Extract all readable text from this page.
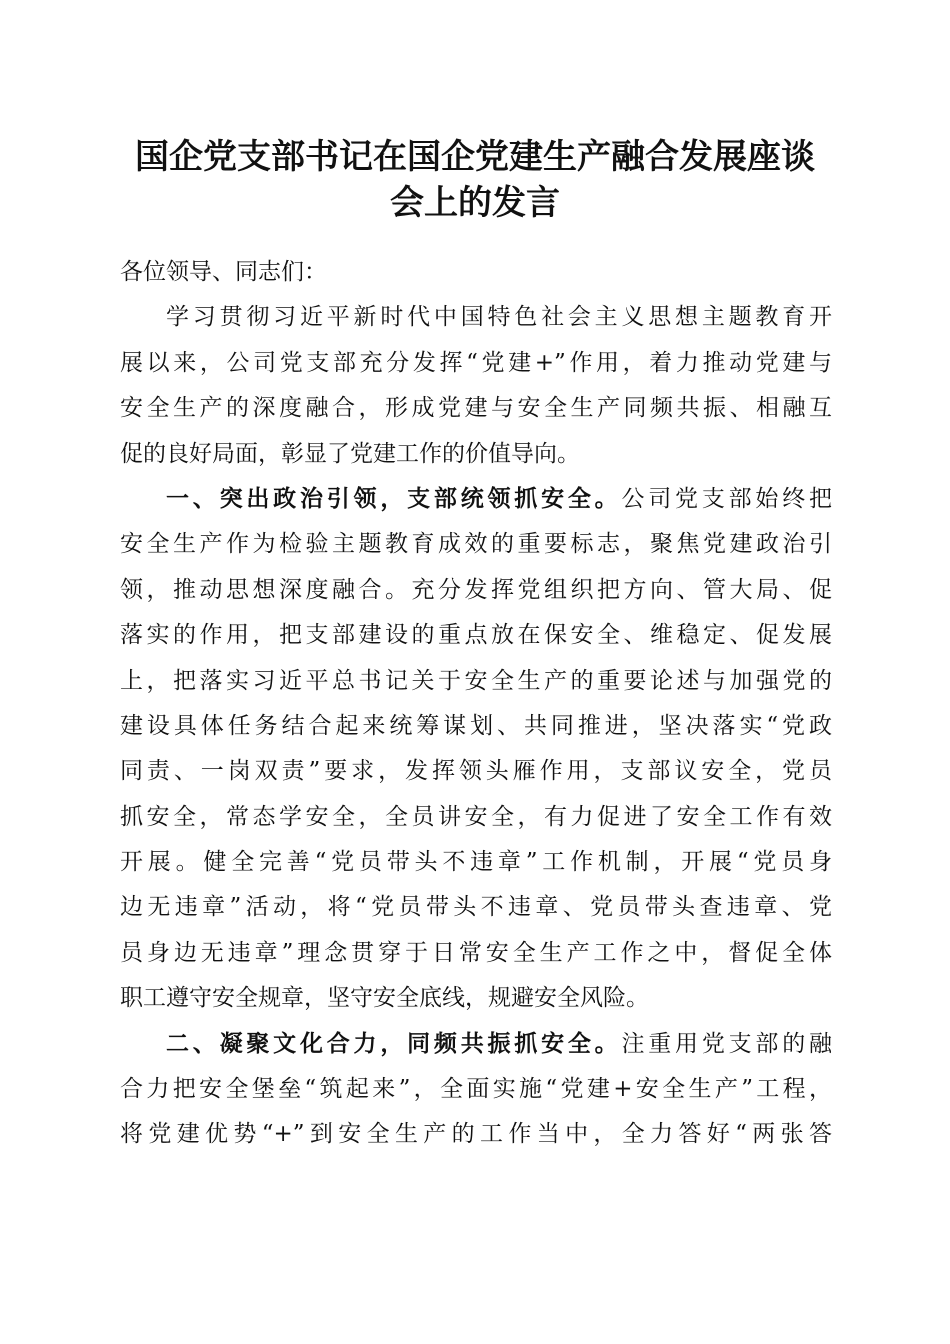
国企党支部书记在国企党建生产融合发展座谈
会上的发言
各位领导、同志们：
学习贯彻习近平新时代中国特色社会主义思想主题教育开
展以来，公司党支部充分发挥“党建+”作用，着力推动党建与
安全生产的深度融合，形成党建与安全生产同频共振、相融互
促的良好局面，彰显了党建工作的价值导向。
一、突出政治引领，支部统领抓安全。公司党支部始终把
安全生产作为检验主题教育成效的重要标志，聚焦党建政治引
领，推动思想深度融合。充分发挥党组织把方向、管大局、促
落实的作用，把支部建设的重点放在保安全、维稳定、促发展
上，把落实习近平总书记关于安全生产的重要论述与加强党的
建设具体任务结合起来统筹谋划、共同推进，坚决落实“党政
同责、一岗双责”要求，发挥领头雁作用，支部议安全，党员
抓安全，常态学安全，全员讲安全，有力促进了安全工作有效
开展。健全完善“党员带头不违章”工作机制，开展“党员身
边无违章”活动，将“党员带头不违章、党员带头查违章、党
员身边无违章”理念贯穿于日常安全生产工作之中，督促全体
职工遵守安全规章，坚守安全底线，规避安全风险。
二、凝聚文化合力，同频共振抓安全。注重用党支部的融
合力把安全堡垒“筑起来”，全面实施“党建+安全生产”工程，
将党建优势“+”到安全生产的工作当中，全力答好“两张答
